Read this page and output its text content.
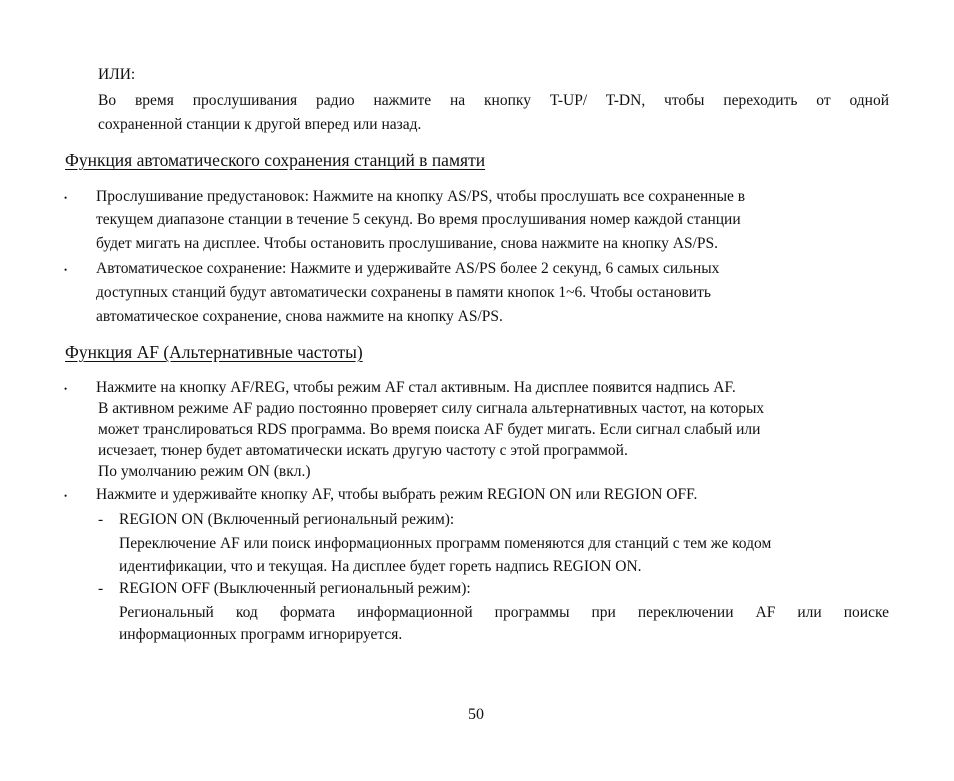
ИЛИ:
Во время прослушивания радио нажмите на кнопку T-UP/ T-DN, чтобы переходить от одной
сохраненной станции к другой вперед или назад.
Функция автоматического сохранения станций в памяти
• Прослушивание предустановок: Нажмите на кнопку AS/PS, чтобы прослушать все сохраненные в
текущем диапазоне станции в течение 5 секунд. Во время прослушивания номер каждой станции
будет мигать на дисплее. Чтобы остановить прослушивание, снова нажмите на кнопку AS/PS.
• Автоматическое сохранение: Нажмите и удерживайте AS/PS более 2 секунд, 6 самых сильных
доступных станций будут автоматически сохранены в памяти кнопок 1~6. Чтобы остановить
автоматическое сохранение, снова нажмите на кнопку AS/PS.
Функция AF (Альтернативные частоты)
• Нажмите на кнопку AF/REG, чтобы режим AF стал активным. На дисплее появится надпись AF.
В активном режиме AF радио постоянно проверяет силу сигнала альтернативных частот, на которых
может транслироваться RDS программа. Во время поиска AF будет мигать. Если сигнал слабый или
исчезает, тюнер будет автоматически искать другую частоту с этой программой.
По умолчанию режим ON (вкл.)
• Нажмите и удерживайте кнопку AF, чтобы выбрать режим REGION ON или REGION OFF.
- REGION ON (Включенный региональный режим):
Переключение AF или поиск информационных программ поменяются для станций с тем же кодом
идентификации, что и текущая. На дисплее будет гореть надпись REGION ON.
- REGION OFF (Выключенный региональный режим):
Региональный код формата информационной программы при переключении AF или поиске
информационных программ игнорируется.
50
